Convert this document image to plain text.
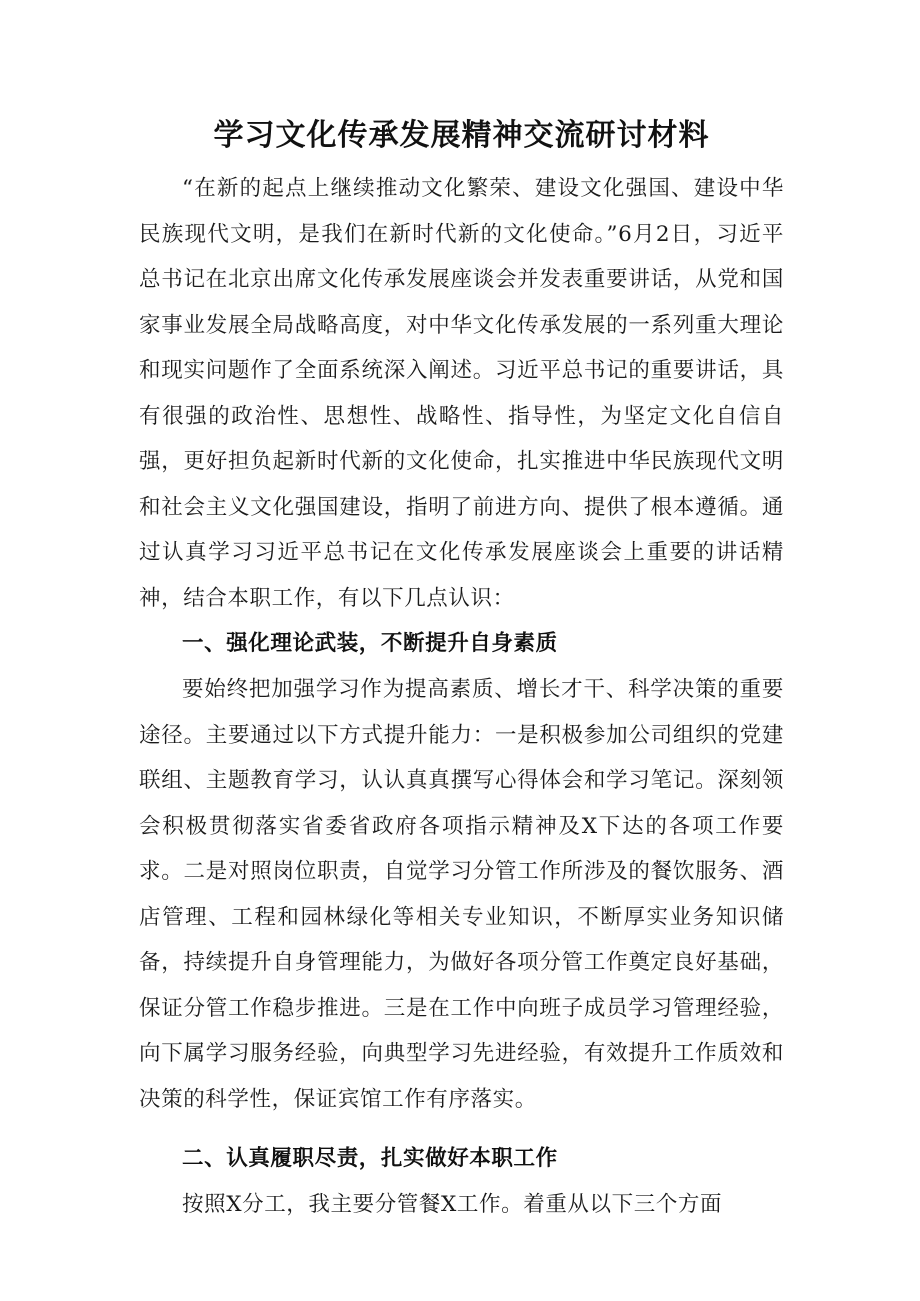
学习文化传承发展精神交流研讨材料

“在新的起点上继续推动文化繁荣、建设文化强国、建设中华民族现代文明，是我们在新时代新的文化使命。”6月2日，习近平总书记在北京出席文化传承发展座谈会并发表重要讲话，从党和国家事业发展全局战略高度，对中华文化传承发展的一系列重大理论和现实问题作了全面系统深入阐述。习近平总书记的重要讲话，具有很强的政治性、思想性、战略性、指导性，为坚定文化自信自强，更好担负起新时代新的文化使命，扎实推进中华民族现代文明和社会主义文化强国建设，指明了前进方向、提供了根本遵循。通过认真学习习近平总书记在文化传承发展座谈会上重要的讲话精神，结合本职工作，有以下几点认识：

一、强化理论武装，不断提升自身素质

要始终把加强学习作为提高素质、增长才干、科学决策的重要途径。主要通过以下方式提升能力：一是积极参加公司组织的党建联组、主题教育学习，认认真真撰写心得体会和学习笔记。深刻领会积极贯彻落实省委省政府各项指示精神及X下达的各项工作要求。二是对照岗位职责，自觉学习分管工作所涉及的餐饮服务、酒店管理、工程和园林绿化等相关专业知识，不断厚实业务知识储备，持续提升自身管理能力，为做好各项分管工作奠定良好基础，保证分管工作稳步推进。三是在工作中向班子成员学习管理经验，向下属学习服务经验，向典型学习先进经验，有效提升工作质效和决策的科学性，保证宾馆工作有序落实。

二、认真履职尽责，扎实做好本职工作

按照X分工，我主要分管餐X工作。着重从以下三个方面
